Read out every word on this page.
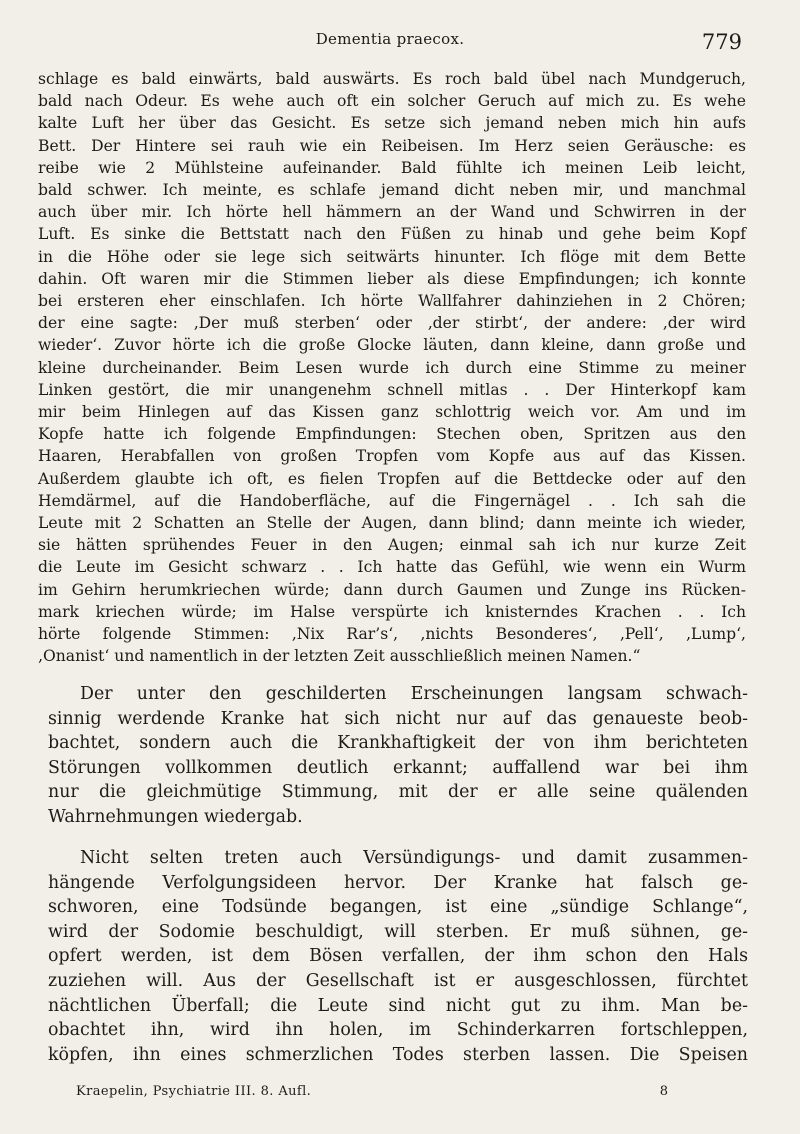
Dementia praecox.	779
schlage es bald einwärts, bald auswärts. Es roch bald übel nach Mundgeruch,
bald nach Odeur. Es wehe auch oft ein solcher Geruch auf mich zu. Es wehe
kalte Luft her über das Gesicht. Es setze sich jemand neben mich hin aufs
Bett. Der Hintere sei rauh wie ein Reibeisen. Im Herz seien Geräusche: es
reibe wie 2 Mühlsteine aufeinander. Bald fühlte ich meinen Leib leicht,
bald schwer. Ich meinte, es schlafe jemand dicht neben mir, und manchmal
auch über mir. Ich hörte hell hämmern an der Wand und Schwirren in der
Luft. Es sinke die Bettstatt nach den Füßen zu hinab und gehe beim Kopf
in die Höhe oder sie lege sich seitwärts hinunter. Ich flöge mit dem Bette
dahin. Oft waren mir die Stimmen lieber als diese Empfindungen; ich konnte
bei ersteren eher einschlafen. Ich hörte Wallfahrer dahinziehen in 2 Chören;
der eine sagte: ‚Der muß sterben‘ oder ‚der stirbt‘, der andere: ‚der wird
wieder‘. Zuvor hörte ich die große Glocke läuten, dann kleine, dann große und
kleine durcheinander. Beim Lesen wurde ich durch eine Stimme zu meiner
Linken gestört, die mir unangenehm schnell mitlas . . Der Hinterkopf kam
mir beim Hinlegen auf das Kissen ganz schlottrig weich vor. Am und im
Kopfe hatte ich folgende Empfindungen: Stechen oben, Spritzen aus den
Haaren, Herabfallen von großen Tropfen vom Kopfe aus auf das Kissen.
Außerdem glaubte ich oft, es fielen Tropfen auf die Bettdecke oder auf den
Hemdärmel, auf die Handoberfläche, auf die Fingernägel . . Ich sah die
Leute mit 2 Schatten an Stelle der Augen, dann blind; dann meinte ich wieder,
sie hätten sprühendes Feuer in den Augen; einmal sah ich nur kurze Zeit
die Leute im Gesicht schwarz . . Ich hatte das Gefühl, wie wenn ein Wurm
im Gehirn herumkriechen würde; dann durch Gaumen und Zunge ins Rücken-
mark kriechen würde; im Halse verspürte ich knisterndes Krachen . . Ich
hörte folgende Stimmen: ‚Nix Rar’s‘, ‚nichts Besonderes‘, ‚Pell‘, ‚Lump‘,
‚Onanist‘ und namentlich in der letzten Zeit ausschließlich meinen Namen.“
Der unter den geschilderten Erscheinungen langsam schwach-
sinnig werdende Kranke hat sich nicht nur auf das genaueste beob-
bachtet, sondern auch die Krankhaftigkeit der von ihm berichteten
Störungen vollkommen deutlich erkannt; auffallend war bei ihm
nur die gleichmütige Stimmung, mit der er alle seine quälenden
Wahrnehmungen wiedergab.
Nicht selten treten auch Versündigungs- und damit zusammen-
hängende Verfolgungsideen hervor. Der Kranke hat falsch ge-
schworen, eine Todsünde begangen, ist eine „sündige Schlange“,
wird der Sodomie beschuldigt, will sterben. Er muß sühnen, ge-
opfert werden, ist dem Bösen verfallen, der ihm schon den Hals
zuziehen will. Aus der Gesellschaft ist er ausgeschlossen, fürchtet
nächtlichen Überfall; die Leute sind nicht gut zu ihm. Man be-
obachtet ihn, wird ihn holen, im Schinderkarren fortschleppen,
köpfen, ihn eines schmerzlichen Todes sterben lassen. Die Speisen
Kraepelin, Psychiatrie III. 8. Aufl.	8
